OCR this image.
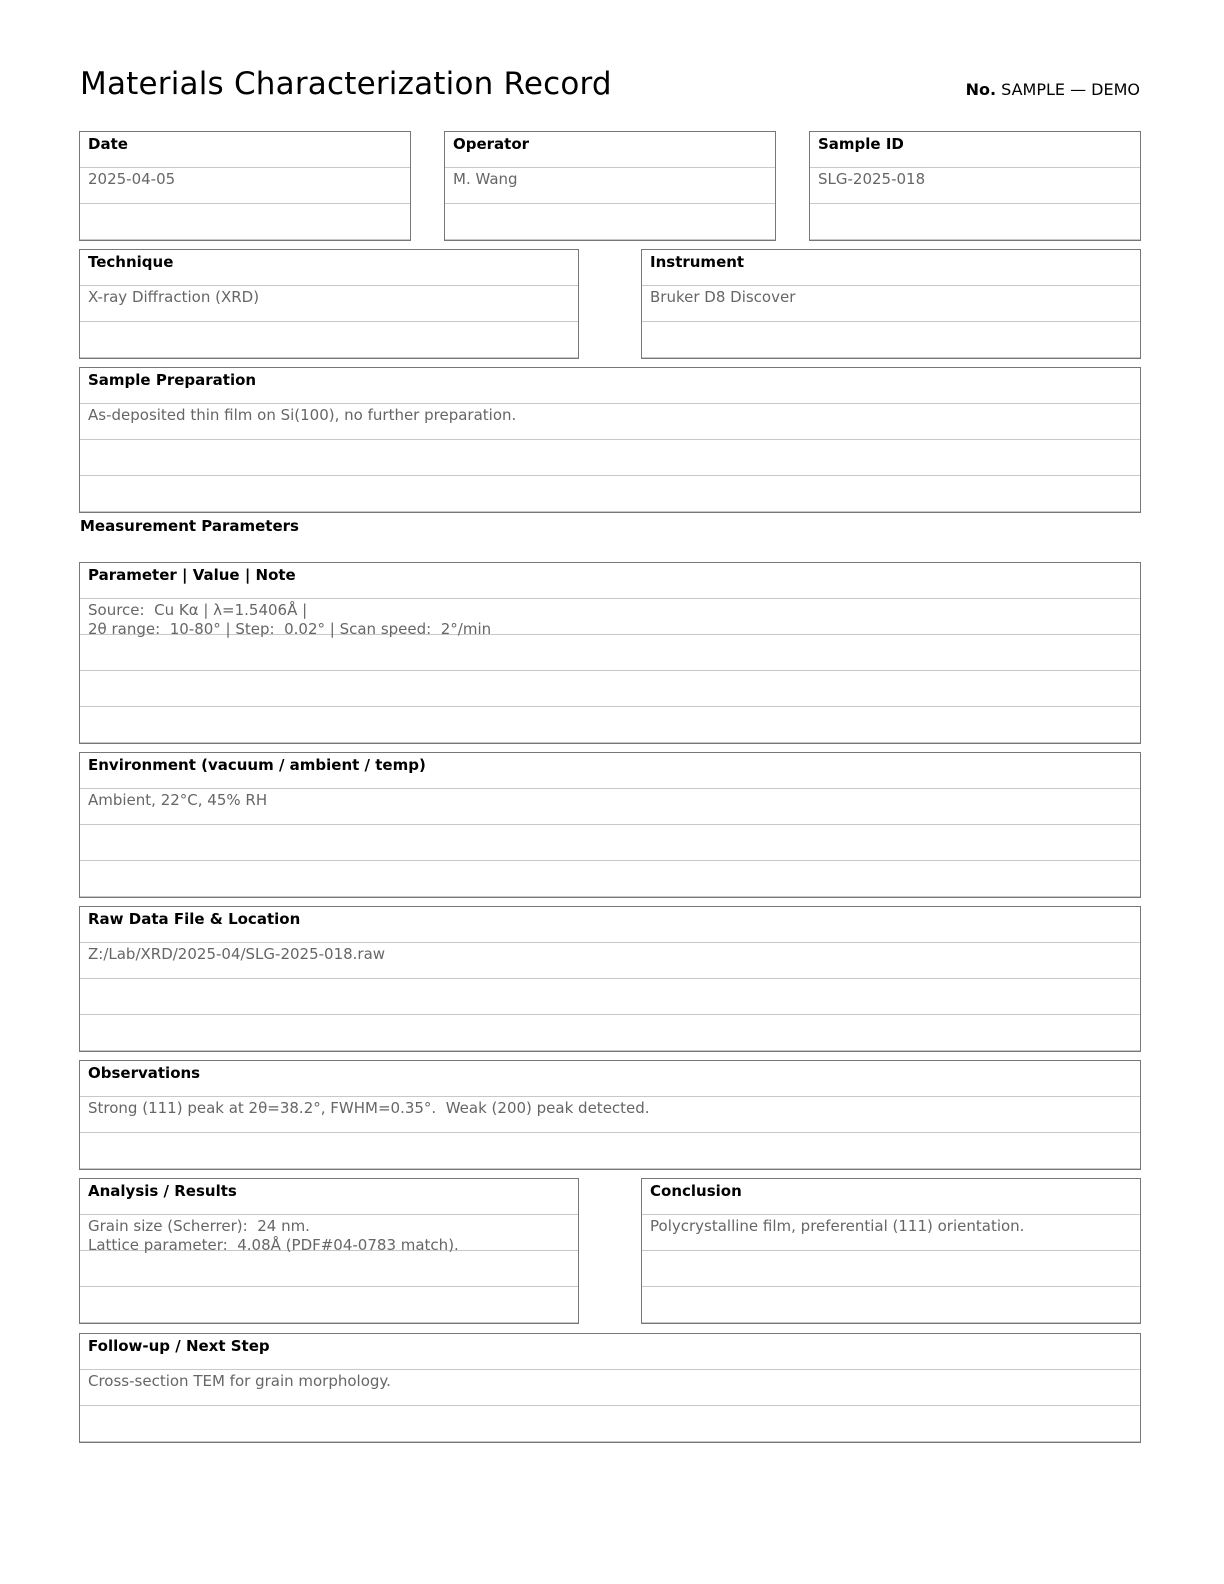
Materials Characterization Record	No. SAMPLE — DEMO
Date
2025-04-05
Operator
M. Wang
Sample ID
SLG-2025-018
Technique
X-ray Diffraction (XRD)
Instrument
Bruker D8 Discover
Sample Preparation
As-deposited thin film on Si(100), no further preparation.
Measurement Parameters
Parameter | Value | Note
Source:  Cu Kα | λ=1.5406Å |
2θ range:  10-80° | Step:  0.02° | Scan speed:  2°/min
Environment (vacuum / ambient / temp)
Ambient, 22°C, 45% RH
Raw Data File & Location
Z:/Lab/XRD/2025-04/SLG-2025-018.raw
Observations
Strong (111) peak at 2θ=38.2°, FWHM=0.35°.  Weak (200) peak detected.
Analysis / Results
Grain size (Scherrer):  24 nm.
Lattice parameter:  4.08Å (PDF#04-0783 match).
Conclusion
Polycrystalline film, preferential (111) orientation.
Follow-up / Next Step
Cross-section TEM for grain morphology.
